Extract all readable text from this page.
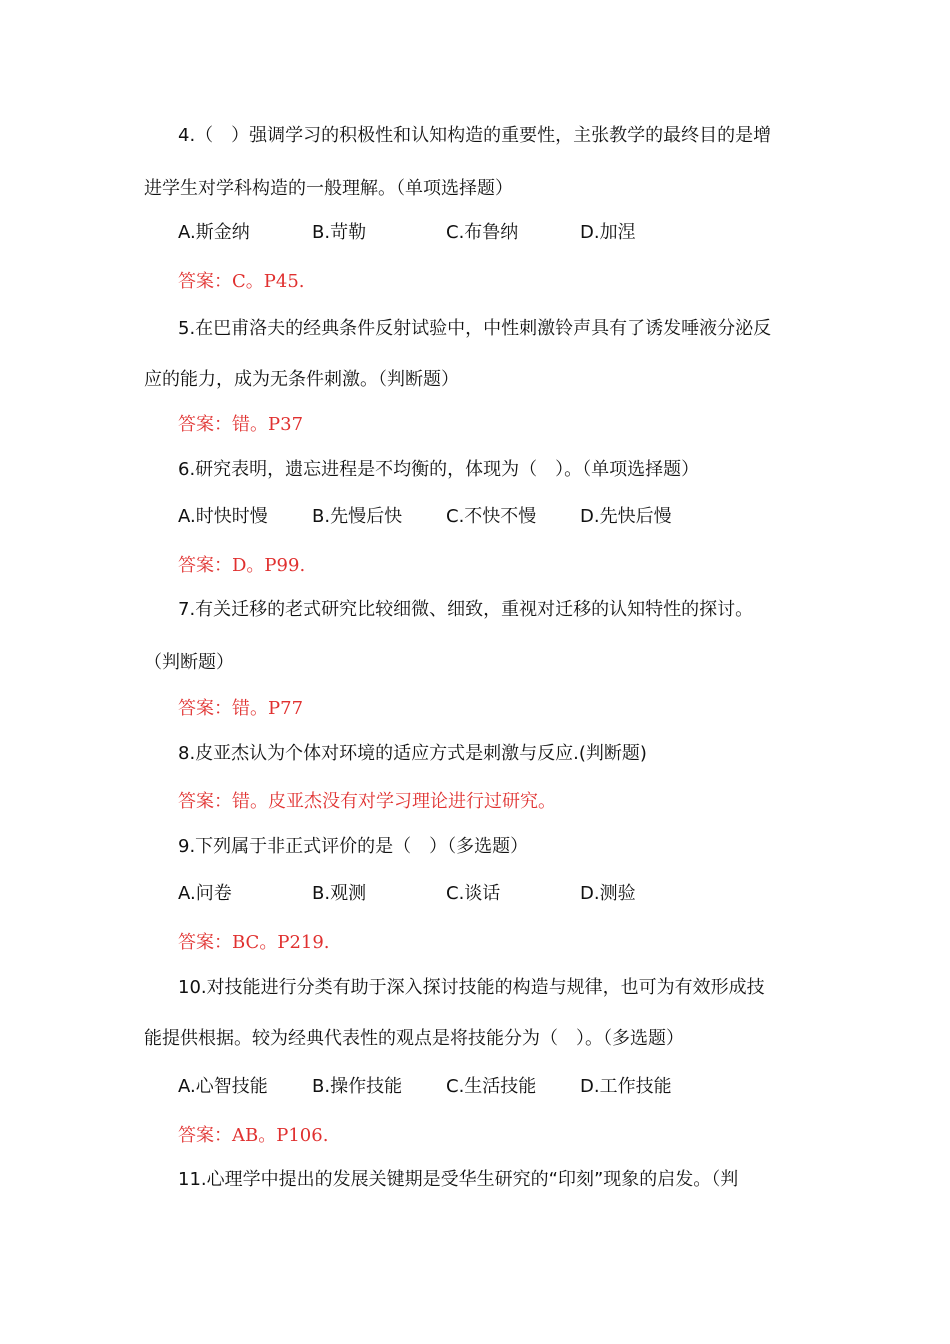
4.（　）强调学习的积极性和认知构造的重要性，主张教学的最终目的是增
进学生对学科构造的一般理解。（单项选择题）
A.斯金纳	B.苛勒	C.布鲁纳	D.加涅
答案：C。P45.
5.在巴甫洛夫的经典条件反射试验中，中性刺激铃声具有了诱发唾液分泌反
应的能力，成为无条件刺激。（判断题）
答案：错。P37
6.研究表明，遗忘进程是不均衡的，体现为（　）。（单项选择题）
A.时快时慢 B.先慢后快 C.不快不慢 D.先快后慢
答案：D。P99.
7.有关迁移的老式研究比较细微、细致，重视对迁移的认知特性的探讨。
（判断题）
答案：错。P77
8.皮亚杰认为个体对环境的适应方式是刺激与反应.(判断题)
答案：错。皮亚杰没有对学习理论进行过研究。
9.下列属于非正式评价的是（　）（多选题）
A.问卷	B.观测	C.谈话	D.测验
答案：BC。P219.
10.对技能进行分类有助于深入探讨技能的构造与规律，也可为有效形成技
能提供根据。较为经典代表性的观点是将技能分为（　）。（多选题）
A.心智技能 B.操作技能 C.生活技能 D.工作技能
答案：AB。P106.
11.心理学中提出的发展关键期是受华生研究的“印刻”现象的启发。（判
